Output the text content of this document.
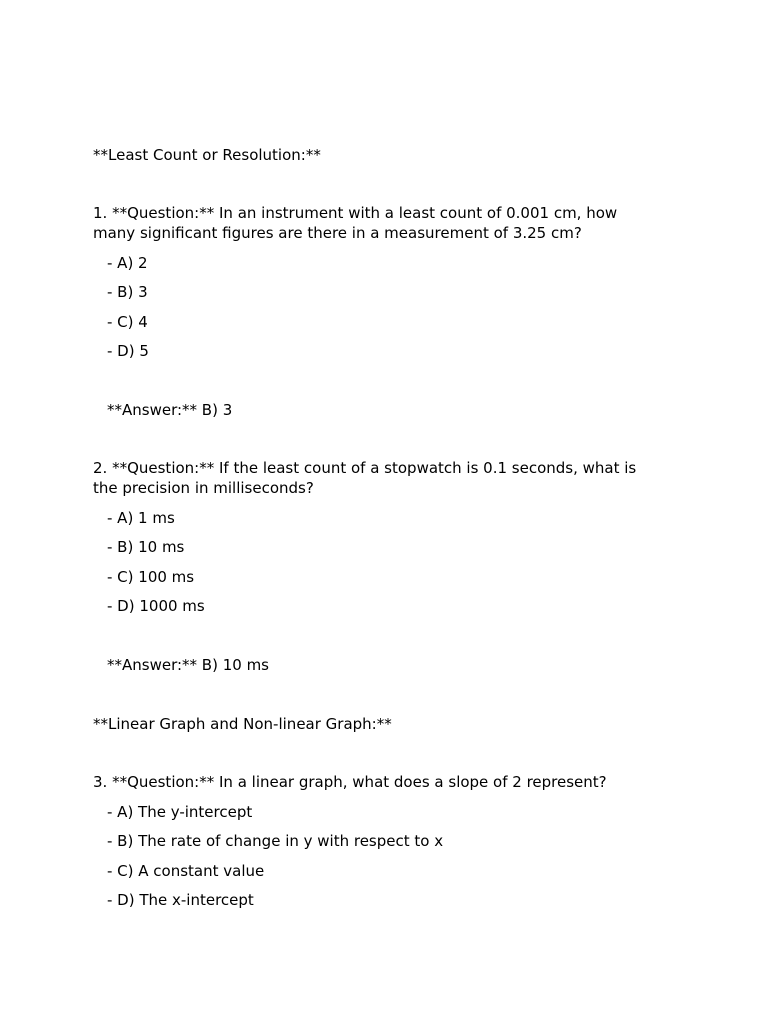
**Least Count or Resolution:**
1. **Question:** In an instrument with a least count of 0.001 cm, how
many significant figures are there in a measurement of 3.25 cm?
- A) 2
- B) 3
- C) 4
- D) 5
**Answer:** B) 3
2. **Question:** If the least count of a stopwatch is 0.1 seconds, what is
the precision in milliseconds?
- A) 1 ms
- B) 10 ms
- C) 100 ms
- D) 1000 ms
**Answer:** B) 10 ms
**Linear Graph and Non-linear Graph:**
3. **Question:** In a linear graph, what does a slope of 2 represent?
- A) The y-intercept
- B) The rate of change in y with respect to x
- C) A constant value
- D) The x-intercept
